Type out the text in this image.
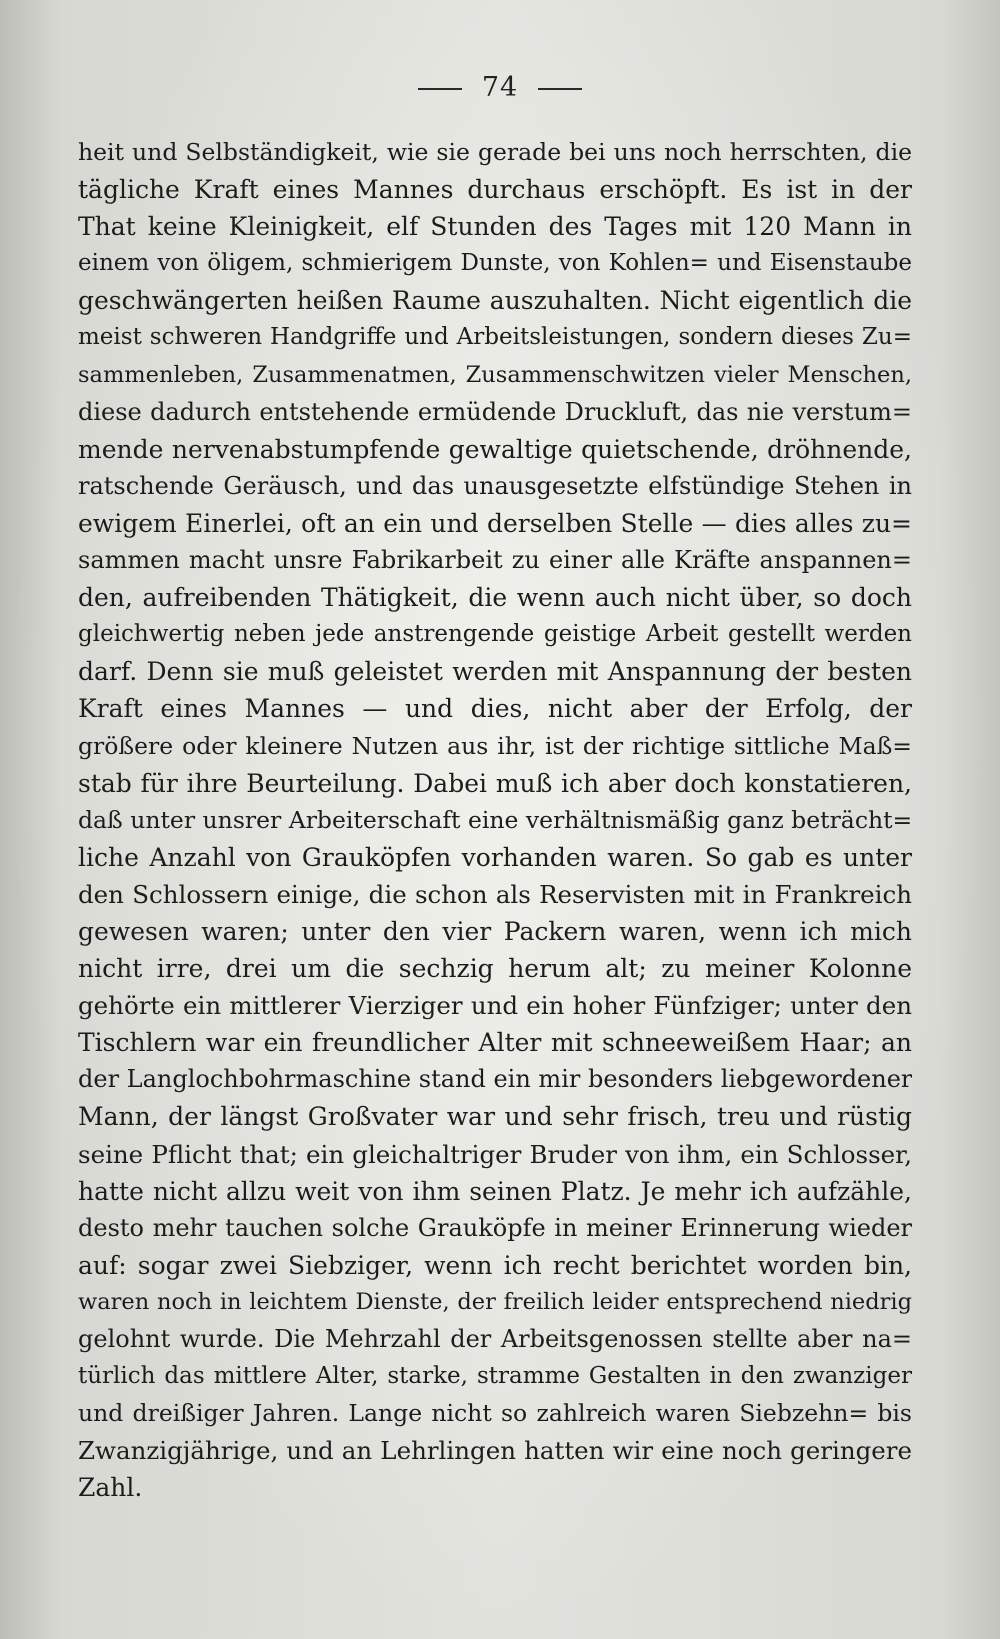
74
heit und Selbständigkeit, wie sie gerade bei uns noch herrschten, die
tägliche Kraft eines Mannes durchaus erschöpft. Es ist in der
That keine Kleinigkeit, elf Stunden des Tages mit 120 Mann in
einem von öligem, schmierigem Dunste, von Kohlen= und Eisenstaube
geschwängerten heißen Raume auszuhalten. Nicht eigentlich die
meist schweren Handgriffe und Arbeitsleistungen, sondern dieses Zu=
sammenleben, Zusammenatmen, Zusammenschwitzen vieler Menschen,
diese dadurch entstehende ermüdende Druckluft, das nie verstum=
mende nervenabstumpfende gewaltige quietschende, dröhnende,
ratschende Geräusch, und das unausgesetzte elfstündige Stehen in
ewigem Einerlei, oft an ein und derselben Stelle — dies alles zu=
sammen macht unsre Fabrikarbeit zu einer alle Kräfte anspannen=
den, aufreibenden Thätigkeit, die wenn auch nicht über, so doch
gleichwertig neben jede anstrengende geistige Arbeit gestellt werden
darf. Denn sie muß geleistet werden mit Anspannung der besten
Kraft eines Mannes — und dies, nicht aber der Erfolg, der
größere oder kleinere Nutzen aus ihr, ist der richtige sittliche Maß=
stab für ihre Beurteilung. Dabei muß ich aber doch konstatieren,
daß unter unsrer Arbeiterschaft eine verhältnismäßig ganz beträcht=
liche Anzahl von Grauköpfen vorhanden waren. So gab es unter
den Schlossern einige, die schon als Reservisten mit in Frankreich
gewesen waren; unter den vier Packern waren, wenn ich mich
nicht irre, drei um die sechzig herum alt; zu meiner Kolonne
gehörte ein mittlerer Vierziger und ein hoher Fünfziger; unter den
Tischlern war ein freundlicher Alter mit schneeweißem Haar; an
der Langlochbohrmaschine stand ein mir besonders liebgewordener
Mann, der längst Großvater war und sehr frisch, treu und rüstig
seine Pflicht that; ein gleichaltriger Bruder von ihm, ein Schlosser,
hatte nicht allzu weit von ihm seinen Platz. Je mehr ich aufzähle,
desto mehr tauchen solche Grauköpfe in meiner Erinnerung wieder
auf: sogar zwei Siebziger, wenn ich recht berichtet worden bin,
waren noch in leichtem Dienste, der freilich leider entsprechend niedrig
gelohnt wurde. Die Mehrzahl der Arbeitsgenossen stellte aber na=
türlich das mittlere Alter, starke, stramme Gestalten in den zwanziger
und dreißiger Jahren. Lange nicht so zahlreich waren Siebzehn= bis
Zwanzigjährige, und an Lehrlingen hatten wir eine noch geringere
Zahl.
